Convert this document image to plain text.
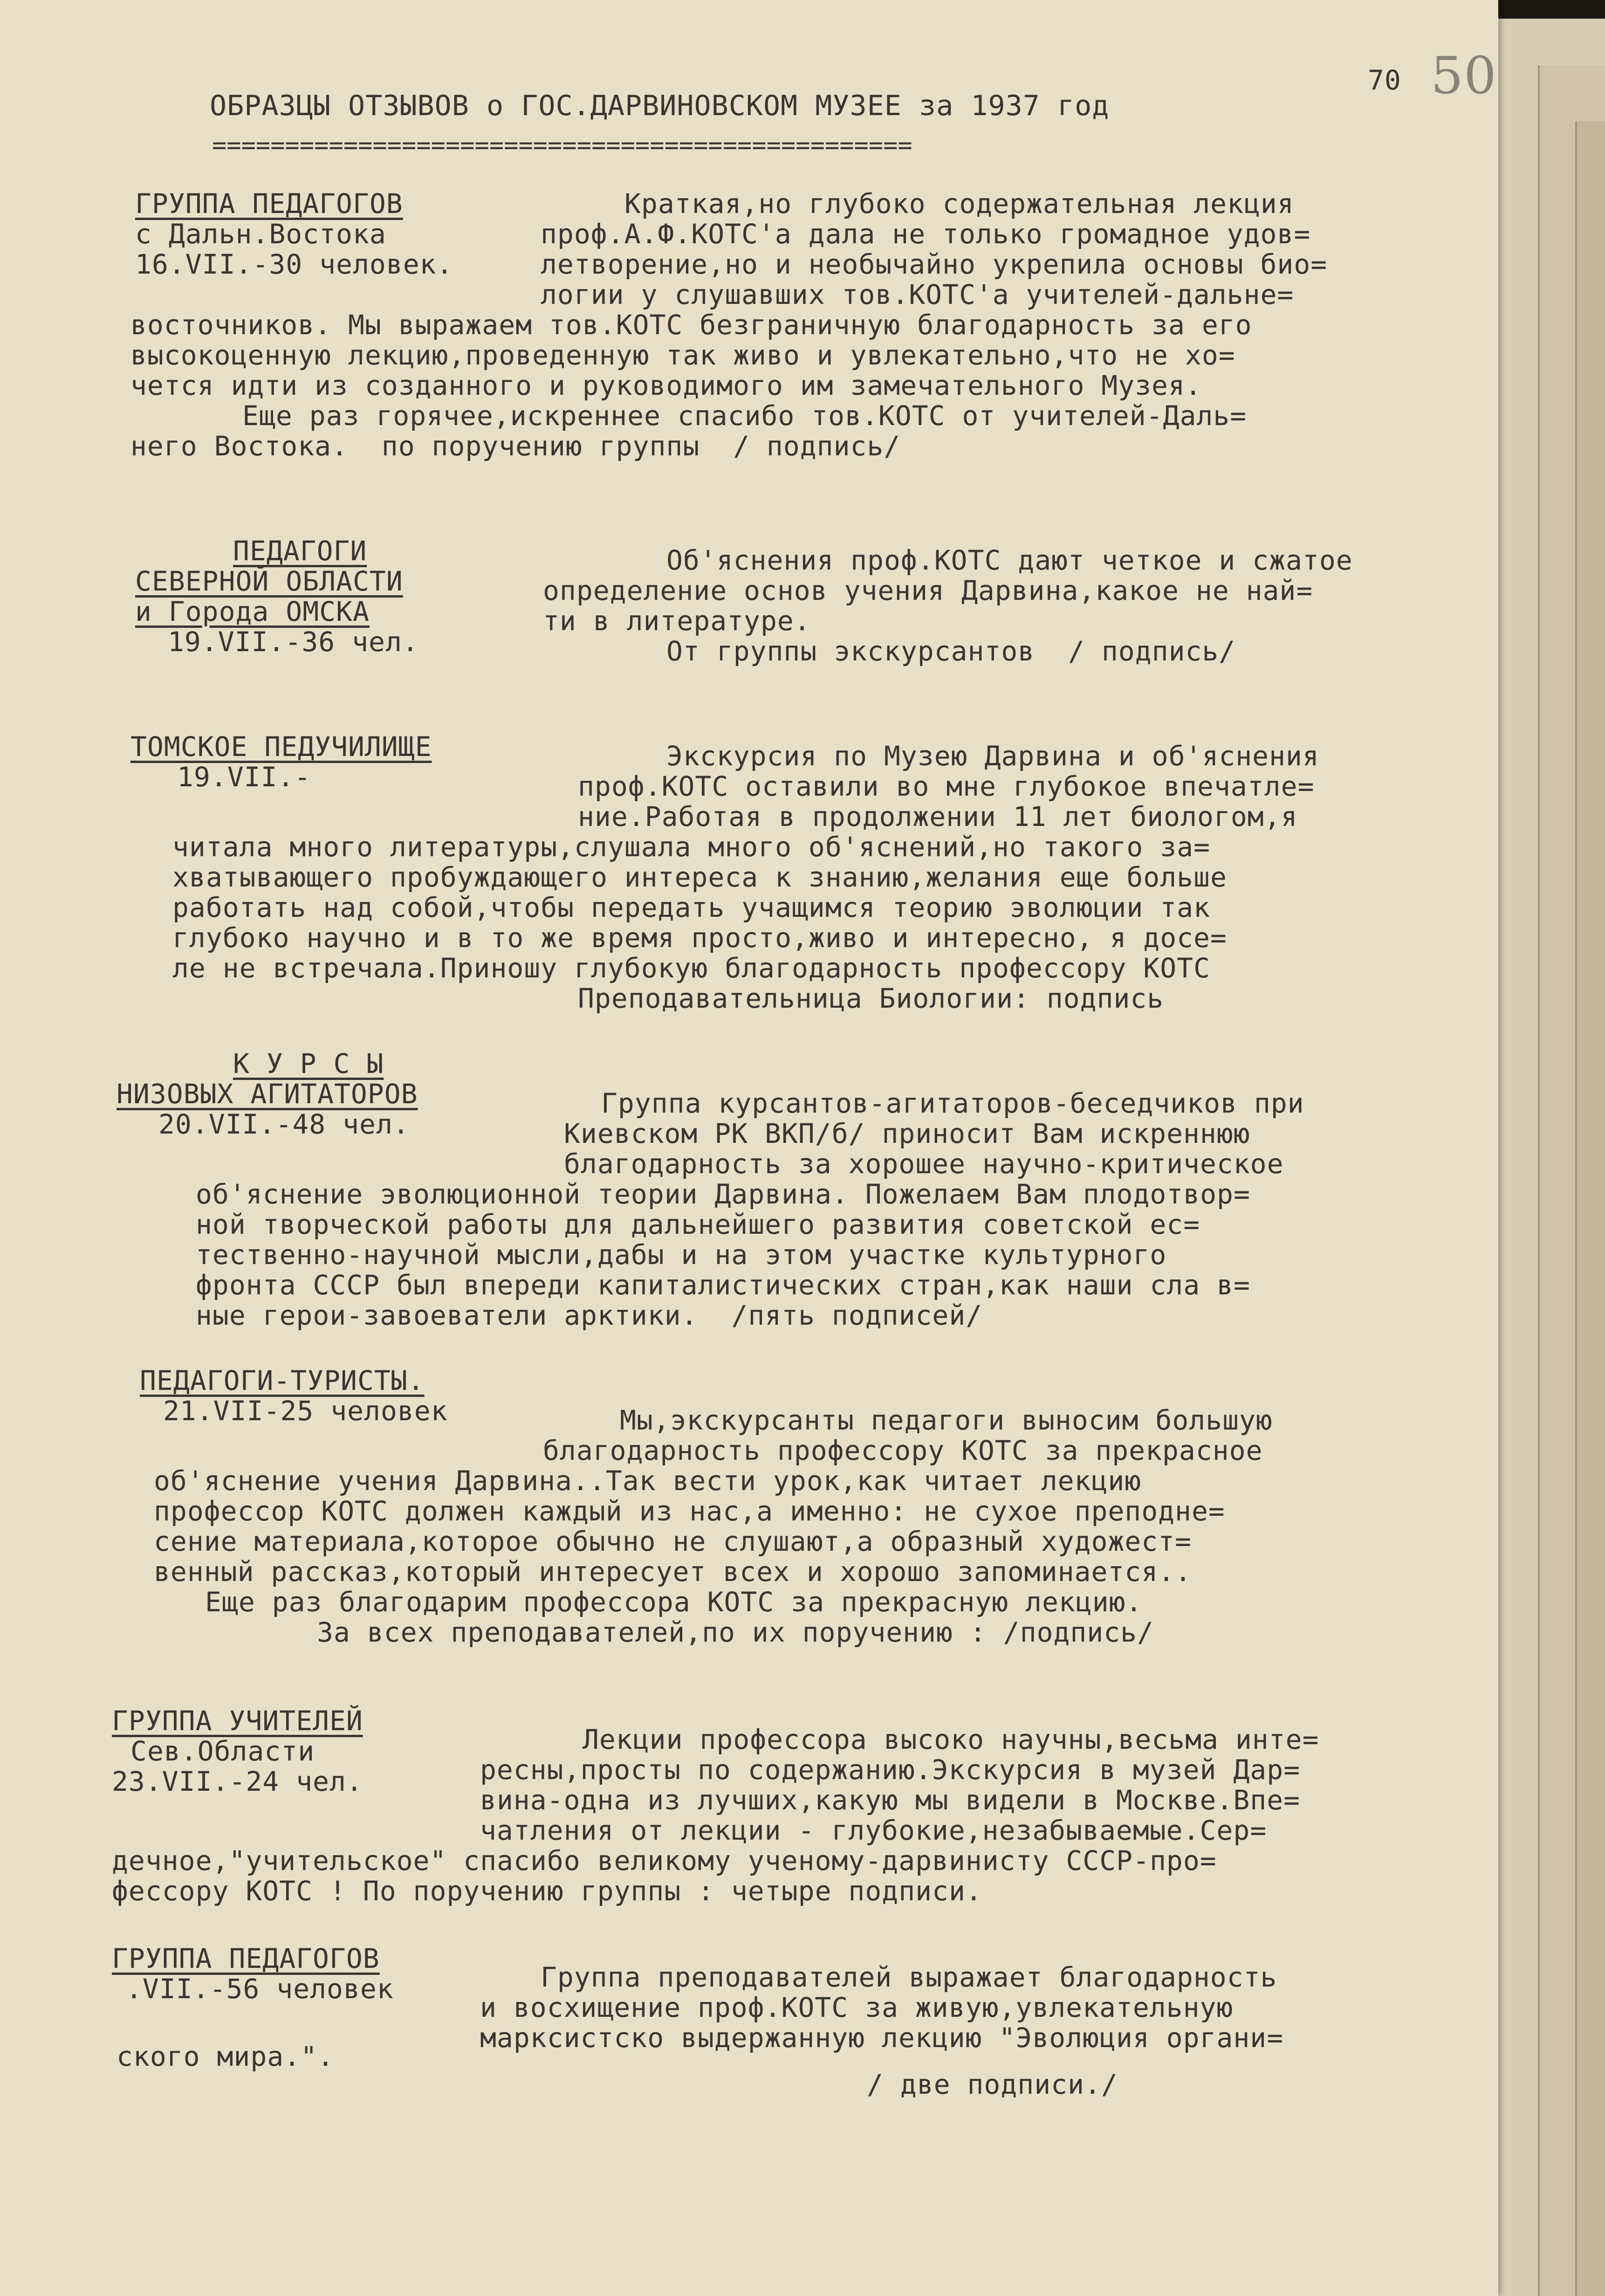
ОБРАЗЦЫ ОТЗЫВОВ о ГОС.ДАРВИНОВСКОМ МУЗЕЕ за 1937 год
================================================
70 50
ГРУППА ПЕДАГОГОВ
с Дальн.Востока
16.VII.-30 человек.
Краткая,но глубоко содержательная лекция
проф.А.Ф.КОТС'а дала не только громадное удов=
летворение,но и необычайно укрепила основы био=
логии у слушавших тов.КОТС'а учителей-дальне=
восточников. Мы выражаем тов.КОТС безграничную благодарность за его
высокоценную лекцию,проведенную так живо и увлекательно,что не хо=
чется идти из созданного и руководимого им замечательного Музея.
Еще раз горячее,искреннее спасибо тов.КОТС от учителей-Даль=
него Востока.  по поручению группы  / подпись/
ПЕДАГОГИ
СЕВЕРНОЙ ОБЛАСТИ
и Города ОМСКА
19.VII.-36 чел.
Об'яснения проф.КОТС дают четкое и сжатое
определение основ учения Дарвина,какое не най=
ти в литературе.
От группы экскурсантов  / подпись/
ТОМСКОЕ ПЕДУЧИЛИЩЕ
19.VII.-
Экскурсия по Музею Дарвина и об'яснения
проф.КОТС оставили во мне глубокое впечатле=
ние.Работая в продолжении 11 лет биологом,я
читала много литературы,слушала много об'яснений,но такого за=
хватывающего пробуждающего интереса к знанию,желания еще больше
работать над собой,чтобы передать учащимся теорию эволюции так
глубоко научно и в то же время просто,живо и интересно, я досе=
ле не встречала.Приношу глубокую благодарность профессору КОТС
Преподавательница Биологии: подпись
К У Р С Ы
НИЗОВЫХ АГИТАТОРОВ
20.VII.-48 чел.
Группа курсантов-агитаторов-беседчиков при
Киевском РК ВКП/б/ приносит Вам искреннюю
благодарность за хорошее научно-критическое
об'яснение эволюционной теории Дарвина. Пожелаем Вам плодотвор=
ной творческой работы для дальнейшего развития советской ес=
тественно-научной мысли,дабы и на этом участке культурного
фронта СССР был впереди капиталистических стран,как наши сла в=
ные герои-завоеватели арктики.  /пять подписей/
ПЕДАГОГИ-ТУРИСТЫ.
21.VII-25 человек	Мы,экскурсанты педагоги выносим большую
благодарность профессору КОТС за прекрасное
об'яснение учения Дарвина..Так вести урок,как читает лекцию
профессор КОТС должен каждый из нас,а именно: не сухое преподне=
сение материала,которое обычно не слушают,а образный художест=
венный рассказ,который интересует всех и хорошо запоминается..
Еще раз благодарим профессора КОТС за прекрасную лекцию.
За всех преподавателей,по их поручению : /подпись/
ГРУППА УЧИТЕЛЕЙ
Сев.Области
23.VII.-24 чел.
Лекции профессора высоко научны,весьма инте=
ресны,просты по содержанию.Экскурсия в музей Дар=
вина-одна из лучших,какую мы видели в Москве.Впе=
чатления от лекции - глубокие,незабываемые.Сер=
дечное,"учительское" спасибо великому ученому-дарвинисту СССР-про=
фессору КОТС ! По поручению группы : четыре подписи.
ГРУППА ПЕДАГОГОВ
.VII.-56 человек	Группа преподавателей выражает благодарность
и восхищение проф.КОТС за живую,увлекательную
марксистско выдержанную лекцию "Эволюция органи=
ского мира.".
/ две подписи./
